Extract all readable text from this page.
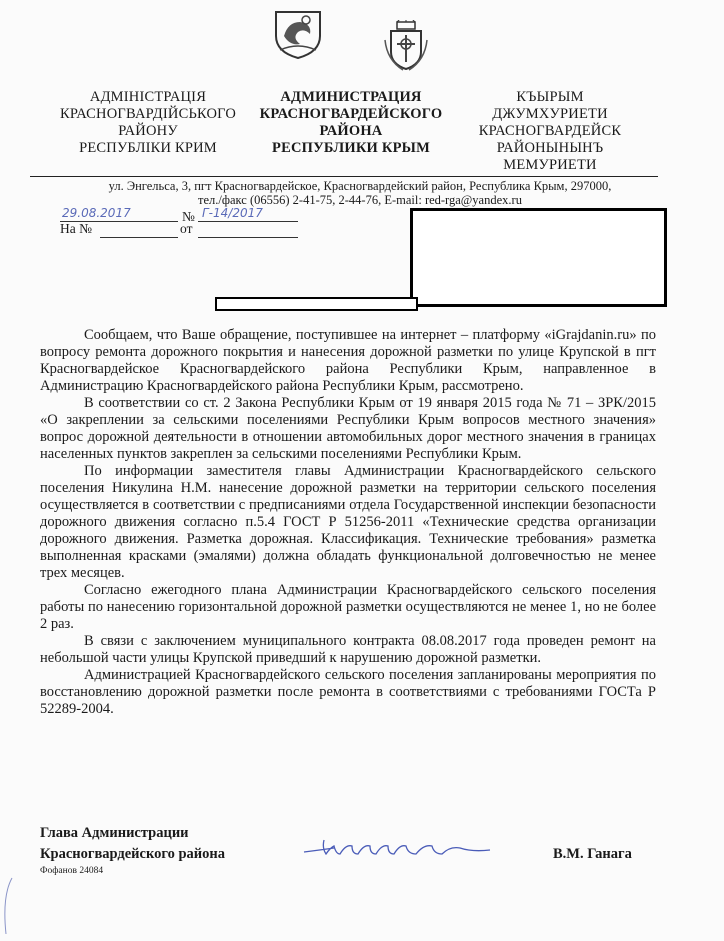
АДМІНІСТРАЦІЯ
КРАСНОГВАРДІЙСЬКОГО
РАЙОНУ
РЕСПУБЛІКИ КРИМ
АДМИНИСТРАЦИЯ
КРАСНОГВАРДЕЙСКОГО
РАЙОНА
РЕСПУБЛИКИ КРЫМ
КЪЫРЫМ
ДЖУМХУРИЕТИ
КРАСНОГВАРДЕЙСК
РАЙОНЫНЫНЪ
МЕМУРИЕТИ
ул. Энгельса, 3, пгт Красногвардейское, Красногвардейский район, Республика Крым, 297000,
тел./факс (06556) 2-41-75, 2-44-76, E-mail: red-rga@yandex.ru
29.08.2017	№ Г-14/2017
На №	от

Сообщаем, что Ваше обращение, поступившее на интернет – платформу «iGrajdanin.ru» по вопросу ремонта дорожного покрытия и нанесения дорожной разметки по улице Крупской в пгт Красногвардейское Красногвардейского района Республики Крым, направленное в Администрацию Красногвардейского района Республики Крым, рассмотрено.

В соответствии со ст. 2 Закона Республики Крым от 19 января 2015 года № 71 – ЗРК/2015 «О закреплении за сельскими поселениями Республики Крым вопросов местного значения» вопрос дорожной деятельности в отношении автомобильных дорог местного значения в границах населенных пунктов закреплен за сельскими поселениями Республики Крым.

По информации заместителя главы Администрации Красногвардейского сельского поселения Никулина Н.М. нанесение дорожной разметки на территории сельского поселения осуществляется в соответствии с предписаниями отдела Государственной инспекции безопасности дорожного движения согласно п.5.4 ГОСТ Р 51256-2011 «Технические средства организации дорожного движения. Разметка дорожная. Классификация. Технические требования» разметка выполненная красками (эмалями) должна обладать функциональной долговечностью не менее трех месяцев.

Согласно ежегодного плана Администрации Красногвардейского сельского поселения работы по нанесению горизонтальной дорожной разметки осуществляются не менее 1, но не более 2 раз.

В связи с заключением муниципального контракта 08.08.2017 года проведен ремонт на небольшой части улицы Крупской приведший к нарушению дорожной разметки.

Администрацией Красногвардейского сельского поселения запланированы мероприятия по восстановлению дорожной разметки после ремонта в соответствиями с требованиями ГОСТа Р 52289-2004.

Глава Администрации
Красногвардейского района	В.М. Ганага
Фофанов 24084
